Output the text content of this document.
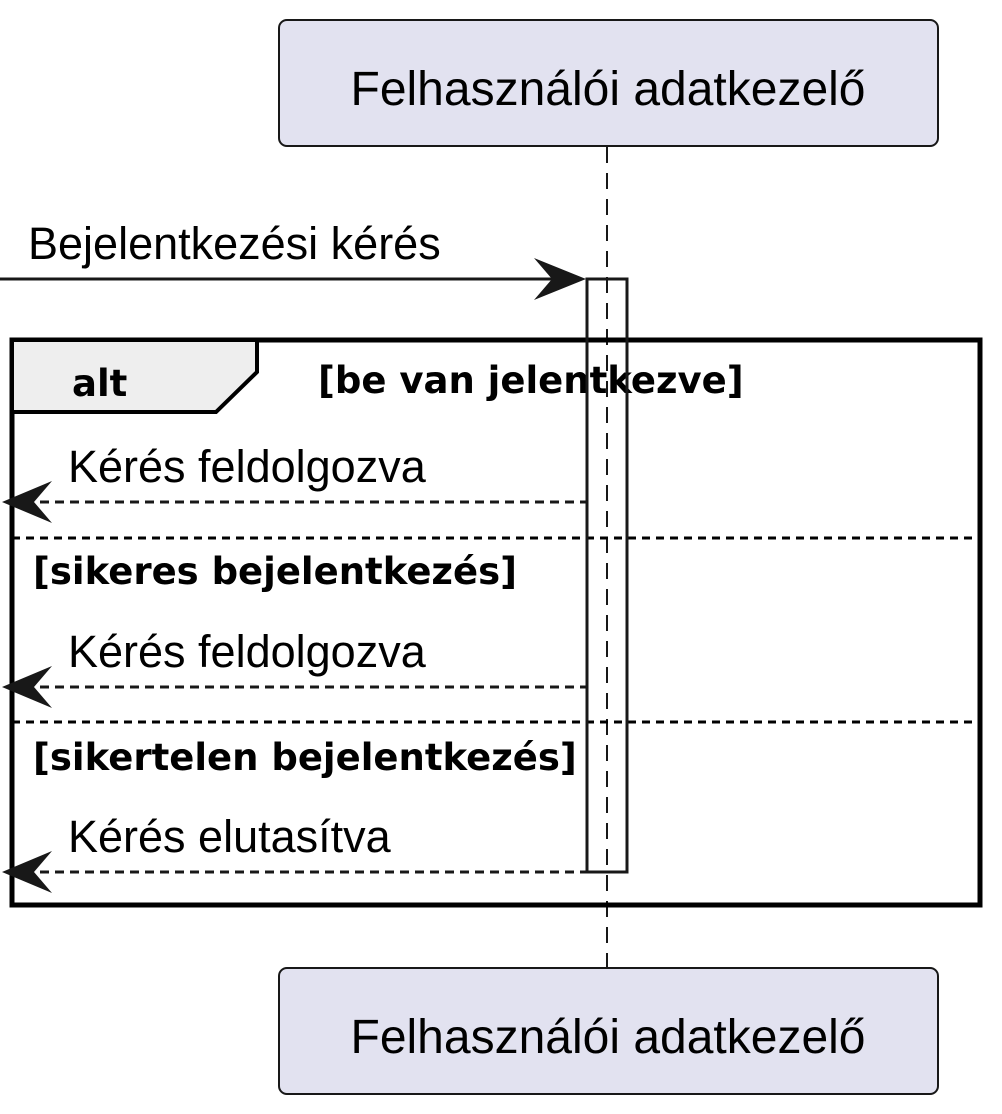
Felhasználói adatkezelő
Felhasználói adatkezelő
Bejelentkezési kérés
alt	[be van jelentkezve]
Kérés feldolgozva
[sikeres bejelentkezés]
Kérés feldolgozva
[sikertelen bejelentkezés]
Kérés elutasítva
